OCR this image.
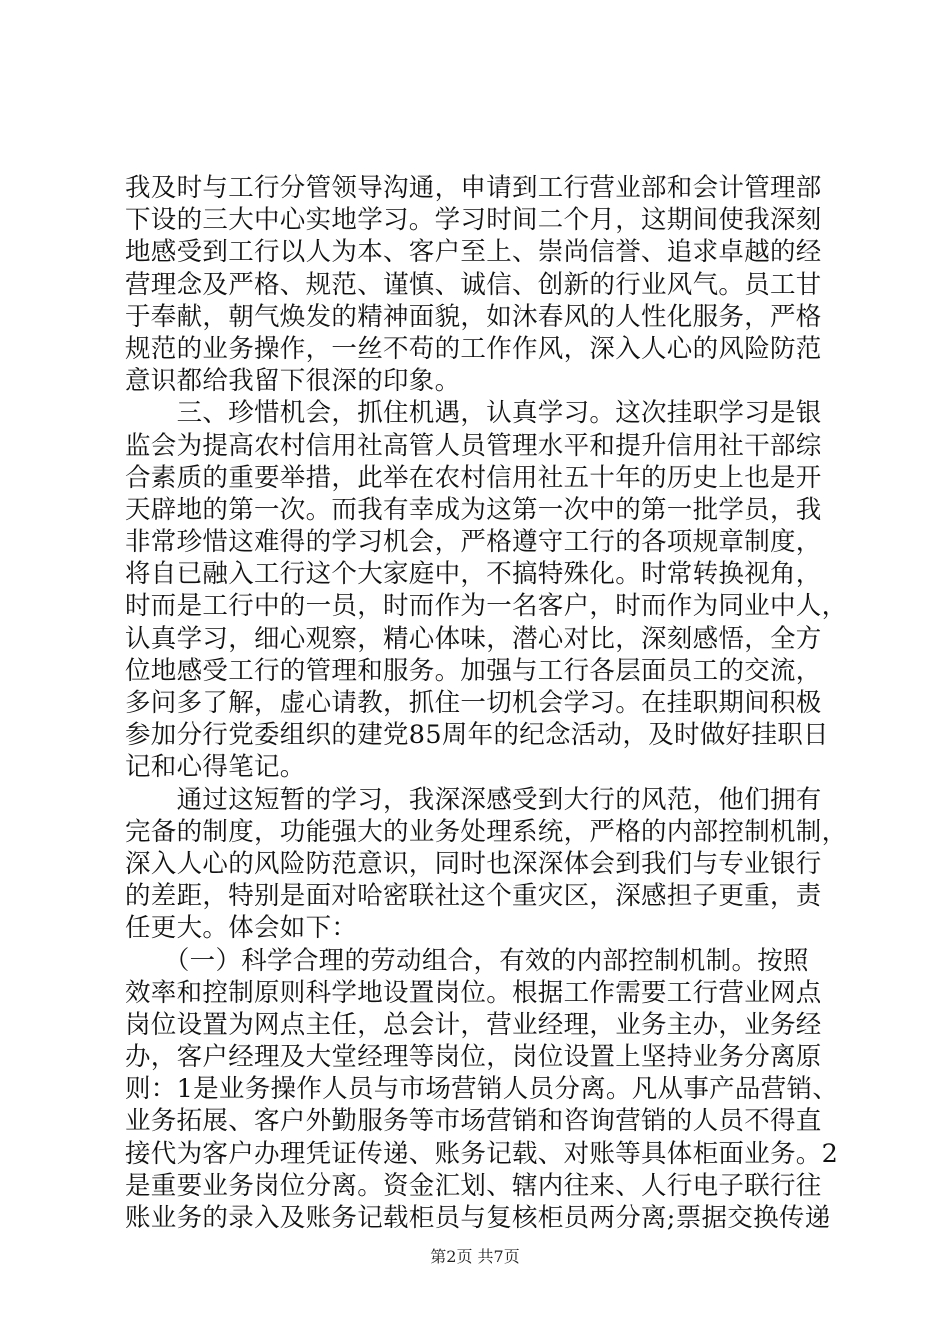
我及时与工行分管领导沟通，申请到工行营业部和会计管理部
下设的三大中心实地学习。学习时间二个月，这期间使我深刻
地感受到工行以人为本、客户至上、崇尚信誉、追求卓越的经
营理念及严格、规范、谨慎、诚信、创新的行业风气。员工甘
于奉献，朝气焕发的精神面貌，如沐春风的人性化服务，严格
规范的业务操作，一丝不苟的工作作风，深入人心的风险防范
意识都给我留下很深的印象。
　　三、珍惜机会，抓住机遇，认真学习。这次挂职学习是银
监会为提高农村信用社高管人员管理水平和提升信用社干部综
合素质的重要举措，此举在农村信用社五十年的历史上也是开
天辟地的第一次。而我有幸成为这第一次中的第一批学员，我
非常珍惜这难得的学习机会，严格遵守工行的各项规章制度，
将自已融入工行这个大家庭中，不搞特殊化。时常转换视角，
时而是工行中的一员，时而作为一名客户，时而作为同业中人，
认真学习，细心观察，精心体味，潜心对比，深刻感悟，全方
位地感受工行的管理和服务。加强与工行各层面员工的交流，
多问多了解，虚心请教，抓住一切机会学习。在挂职期间积极
参加分行党委组织的建党85周年的纪念活动，及时做好挂职日
记和心得笔记。
　　通过这短暂的学习，我深深感受到大行的风范，他们拥有
完备的制度，功能强大的业务处理系统，严格的内部控制机制，
深入人心的风险防范意识，同时也深深体会到我们与专业银行
的差距，特别是面对哈密联社这个重灾区，深感担子更重，责
任更大。体会如下：
　　（一）科学合理的劳动组合，有效的内部控制机制。按照
效率和控制原则科学地设置岗位。根据工作需要工行营业网点
岗位设置为网点主任，总会计，营业经理，业务主办，业务经
办，客户经理及大堂经理等岗位，岗位设置上坚持业务分离原
则：1是业务操作人员与市场营销人员分离。凡从事产品营销、
业务拓展、客户外勤服务等市场营销和咨询营销的人员不得直
接代为客户办理凭证传递、账务记载、对账等具体柜面业务。2
是重要业务岗位分离。资金汇划、辖内往来、人行电子联行往
账业务的录入及账务记载柜员与复核柜员两分离;票据交换传递
第2页 共7页
